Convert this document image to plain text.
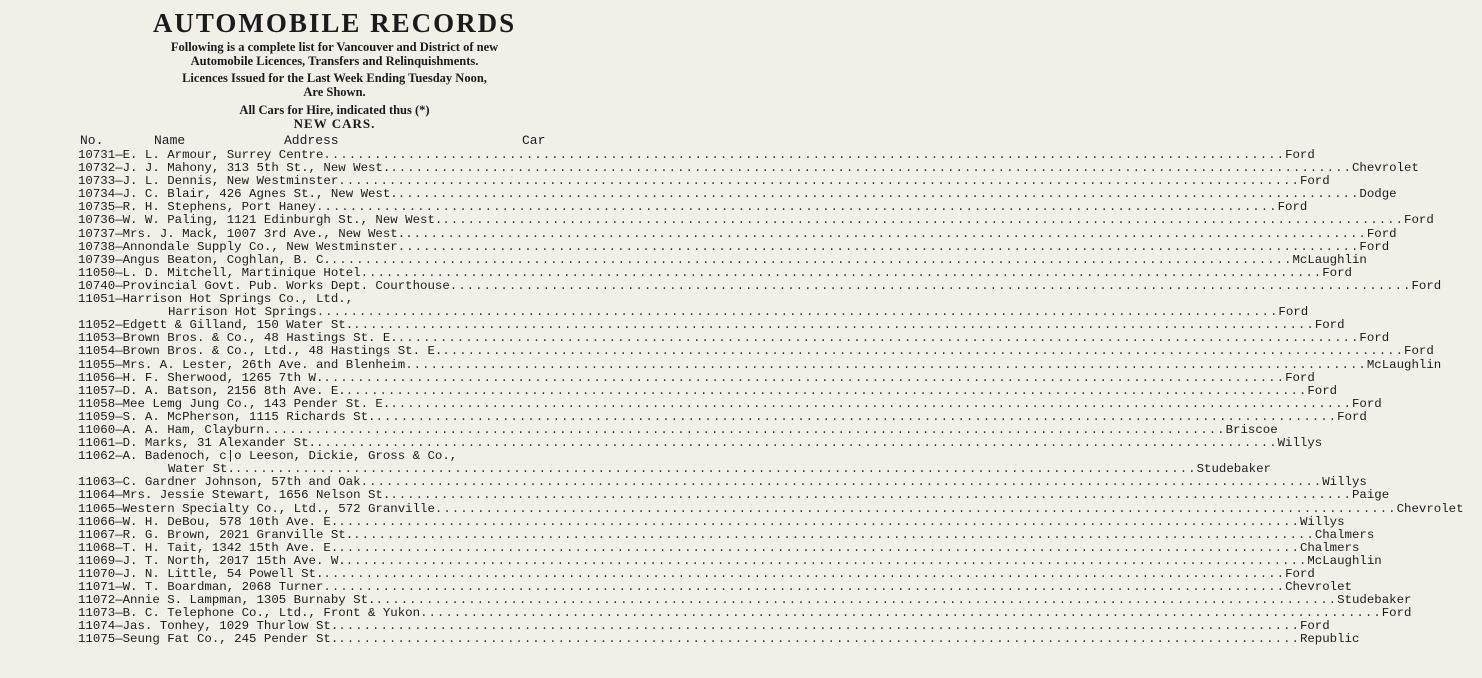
AUTOMOBILE RECORDS

Following is a complete list for Vancouver and District of new

Automobile Licences, Transfers and Relinquishments.

Licences Issued for the Last Week Ending Tuesday Noon,

Are Shown.

All Cars for Hire, indicated thus (*)

NEW CARS.

No.	Name	Address	Car
10731 — E. L. Armour, Surrey Centre .....	Ford
10732 — J. J. Mahony, 313 5th St., New West. .....	Chevrolet
10733 — J. L. Dennis, New Westminster .....	Ford
10734 — J. C. Blair, 426 Agnes St., New West. .....	Dodge
10735 — R. H. Stephens, Port Haney .....	Ford
10736 — W. W. Paling, 1121 Edinburgh St., New West. .....	Ford
10737 — Mrs. J. Mack, 1007 3rd Ave., New West. .....	Ford
10738 — Annondale Supply Co., New Westminster .....	Ford
10739 — Angus Beaton, Coghlan, B. C. .....	McLaughlin
11050 — L. D. Mitchell, Martinique Hotel .....	Ford
10740 — Provincial Govt. Pub. Works Dept. Courthouse .....	Ford
11051 — Harrison Hot Springs Co., Ltd.,
Harrison Hot Springs .....	Ford
11052 — Edgett & Gilland, 150 Water St. .....	Ford
11053 — Brown Bros. & Co., 48 Hastings St. E. .....	Ford
11054 — Brown Bros. & Co., Ltd., 48 Hastings St. E. .....	Ford
11055 — Mrs. A. Lester, 26th Ave. and Blenheim .....	McLaughlin
11056 — H. F. Sherwood, 1265 7th W. .....	Ford
11057 — D. A. Batson, 2156 8th Ave. E. .....	Ford
11058 — Mee Lemg Jung Co., 143 Pender St. E. .....	Ford
11059 — S. A. McPherson, 1115 Richards St. .....	Ford
11060 — A. A. Ham, Clayburn .....	Briscoe
11061 — D. Marks, 31 Alexander St. .....	Willys
11062 — A. Badenoch, c|o Leeson, Dickie, Gross & Co.,
Water St. .....	Studebaker
11063 — C. Gardner Johnson, 57th and Oak .....	Willys
11064 — Mrs. Jessie Stewart, 1656 Nelson St. .....	Paige
11065 — Western Specialty Co., Ltd., 572 Granville .....	Chevrolet
11066 — W. H. DeBou, 578 10th Ave. E. .....	Willys
11067 — R. G. Brown, 2021 Granville St. .....	Chalmers
11068 — T. H. Tait, 1342 15th Ave. E. .....	Chalmers
11069 — J. T. North, 2017 15th Ave. W. .....	McLaughlin
11070 — J. N. Little, 54 Powell St. .....	Ford
11071 — W. T. Boardman, 2068 Turner .....	Chevrolet
11072 — Annie S. Lampman, 1305 Burnaby St. .....	Studebaker
11073 — B. C. Telephone Co., Ltd., Front & Yukon .....	Ford
11074 — Jas. Tonhey, 1029 Thurlow St. .....	Ford
11075 — Seung Fat Co., 245 Pender St. .....	Republic
